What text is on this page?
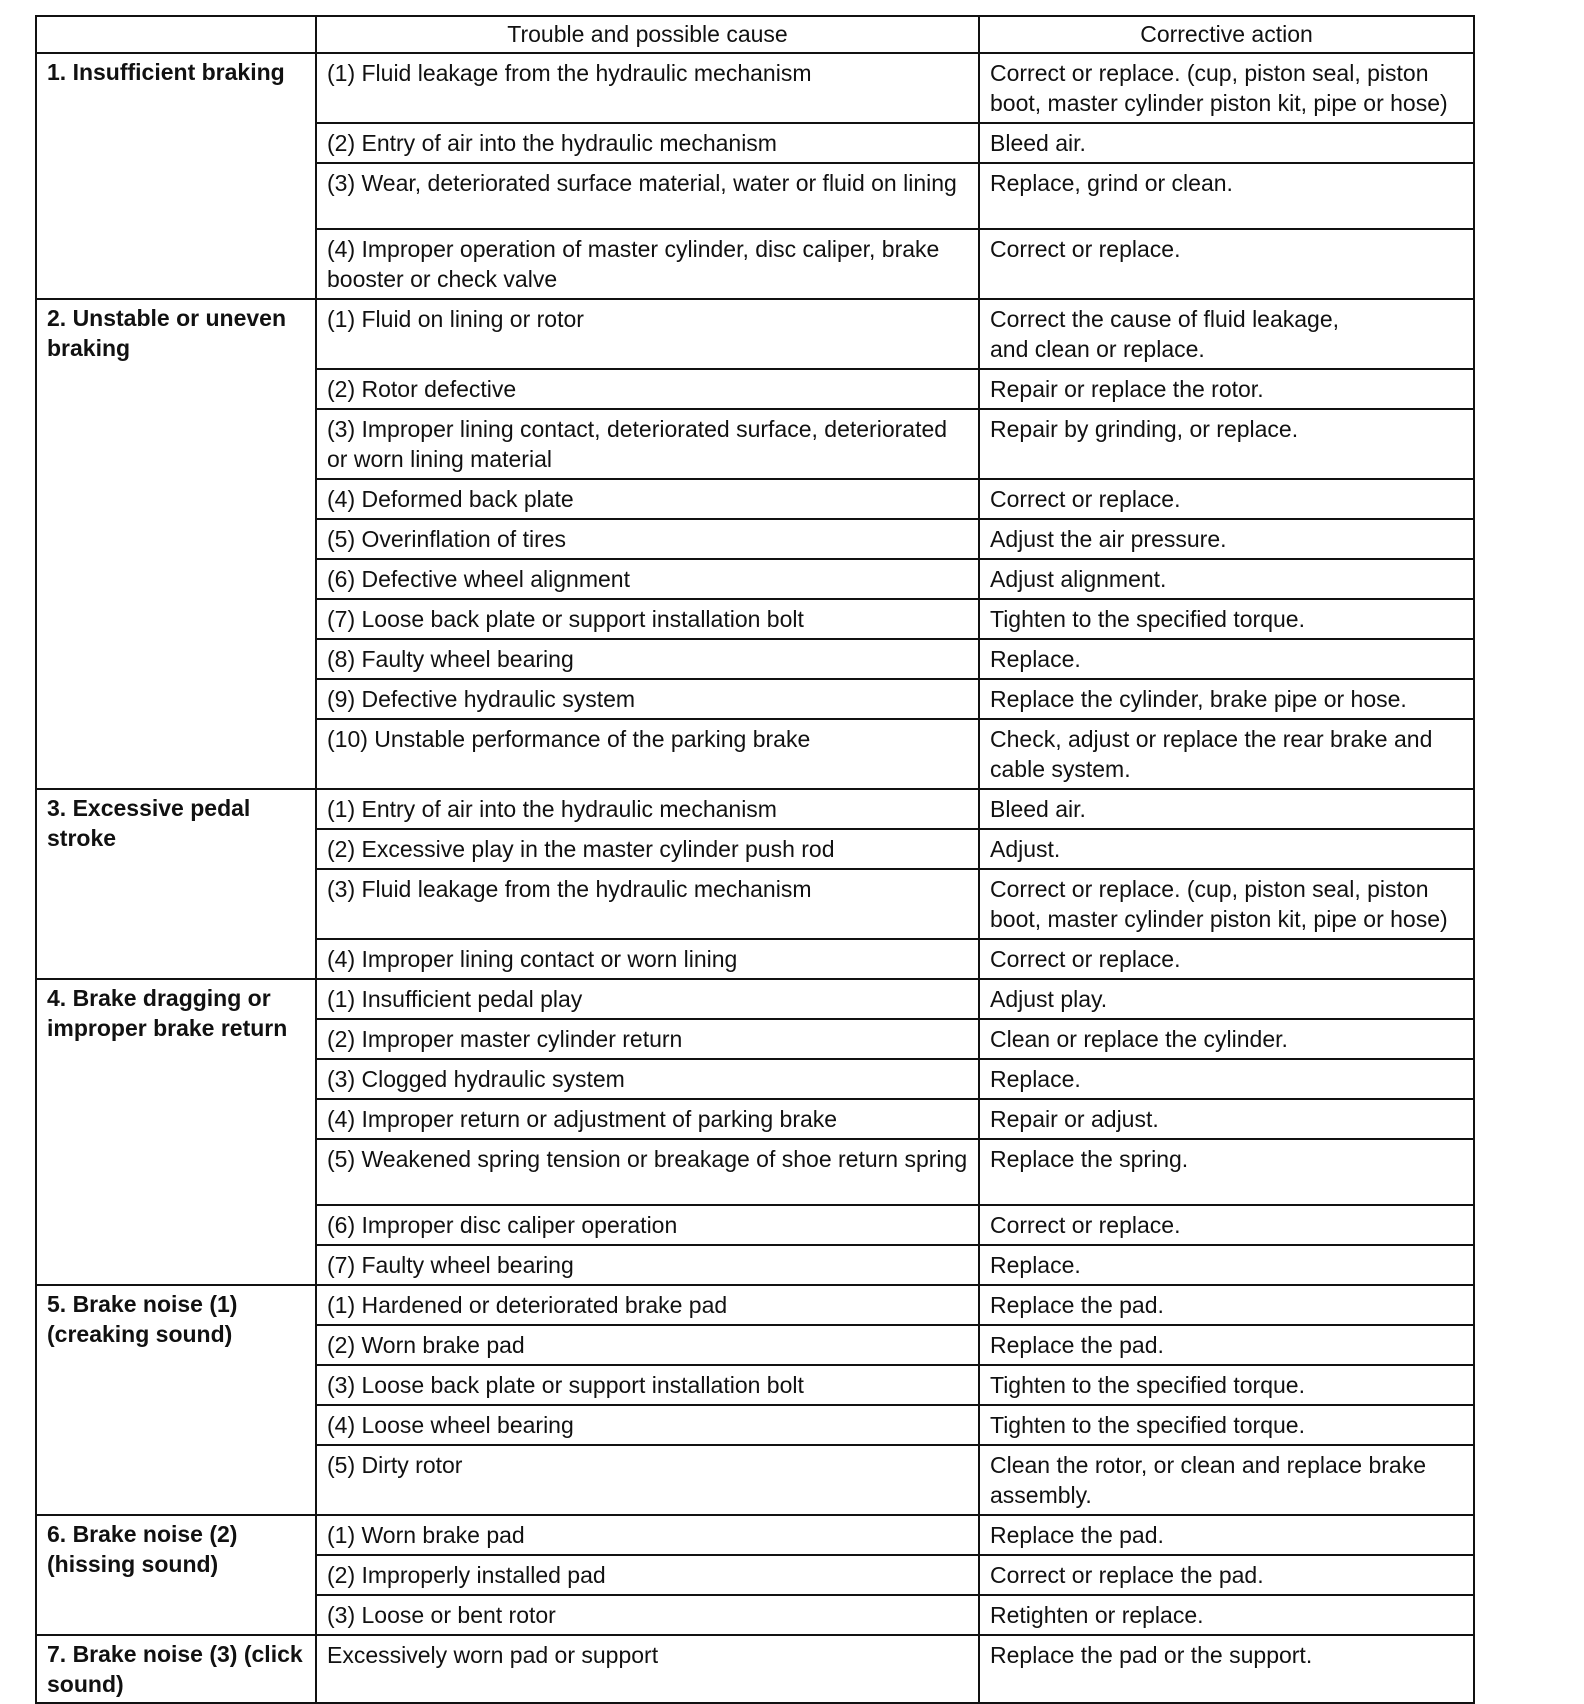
	Trouble and possible cause	Corrective action
1. Insufficient braking	(1) Fluid leakage from the hydraulic mechanism	Correct or replace. (cup, piston seal, piston boot, master cylinder piston kit, pipe or hose)
	(2) Entry of air into the hydraulic mechanism	Bleed air.
	(3) Wear, deteriorated surface material, water or fluid on lining	Replace, grind or clean.
	(4) Improper operation of master cylinder, disc caliper, brake booster or check valve	Correct or replace.
2. Unstable or uneven braking	(1) Fluid on lining or rotor	Correct the cause of fluid leakage,
and clean or replace.
	(2) Rotor defective	Repair or replace the rotor.
	(3) Improper lining contact, deteriorated surface, deteriorated or worn lining material	Repair by grinding, or replace.
	(4) Deformed back plate	Correct or replace.
	(5) Overinflation of tires	Adjust the air pressure.
	(6) Defective wheel alignment	Adjust alignment.
	(7) Loose back plate or support installation bolt	Tighten to the specified torque.
	(8) Faulty wheel bearing	Replace.
	(9) Defective hydraulic system	Replace the cylinder, brake pipe or hose.
	(10) Unstable performance of the parking brake	Check, adjust or replace the rear brake and cable system.
3. Excessive pedal stroke	(1) Entry of air into the hydraulic mechanism	Bleed air.
	(2) Excessive play in the master cylinder push rod	Adjust.
	(3) Fluid leakage from the hydraulic mechanism	Correct or replace. (cup, piston seal, piston boot, master cylinder piston kit, pipe or hose)
	(4) Improper lining contact or worn lining	Correct or replace.
4. Brake dragging or improper brake return	(1) Insufficient pedal play	Adjust play.
	(2) Improper master cylinder return	Clean or replace the cylinder.
	(3) Clogged hydraulic system	Replace.
	(4) Improper return or adjustment of parking brake	Repair or adjust.
	(5) Weakened spring tension or breakage of shoe return spring	Replace the spring.
	(6) Improper disc caliper operation	Correct or replace.
	(7) Faulty wheel bearing	Replace.
5. Brake noise (1) (creaking sound)	(1) Hardened or deteriorated brake pad	Replace the pad.
	(2) Worn brake pad	Replace the pad.
	(3) Loose back plate or support installation bolt	Tighten to the specified torque.
	(4) Loose wheel bearing	Tighten to the specified torque.
	(5) Dirty rotor	Clean the rotor, or clean and replace brake assembly.
6. Brake noise (2) (hissing sound)	(1) Worn brake pad	Replace the pad.
	(2) Improperly installed pad	Correct or replace the pad.
	(3) Loose or bent rotor	Retighten or replace.
7. Brake noise (3) (click sound)	Excessively worn pad or support	Replace the pad or the support.
